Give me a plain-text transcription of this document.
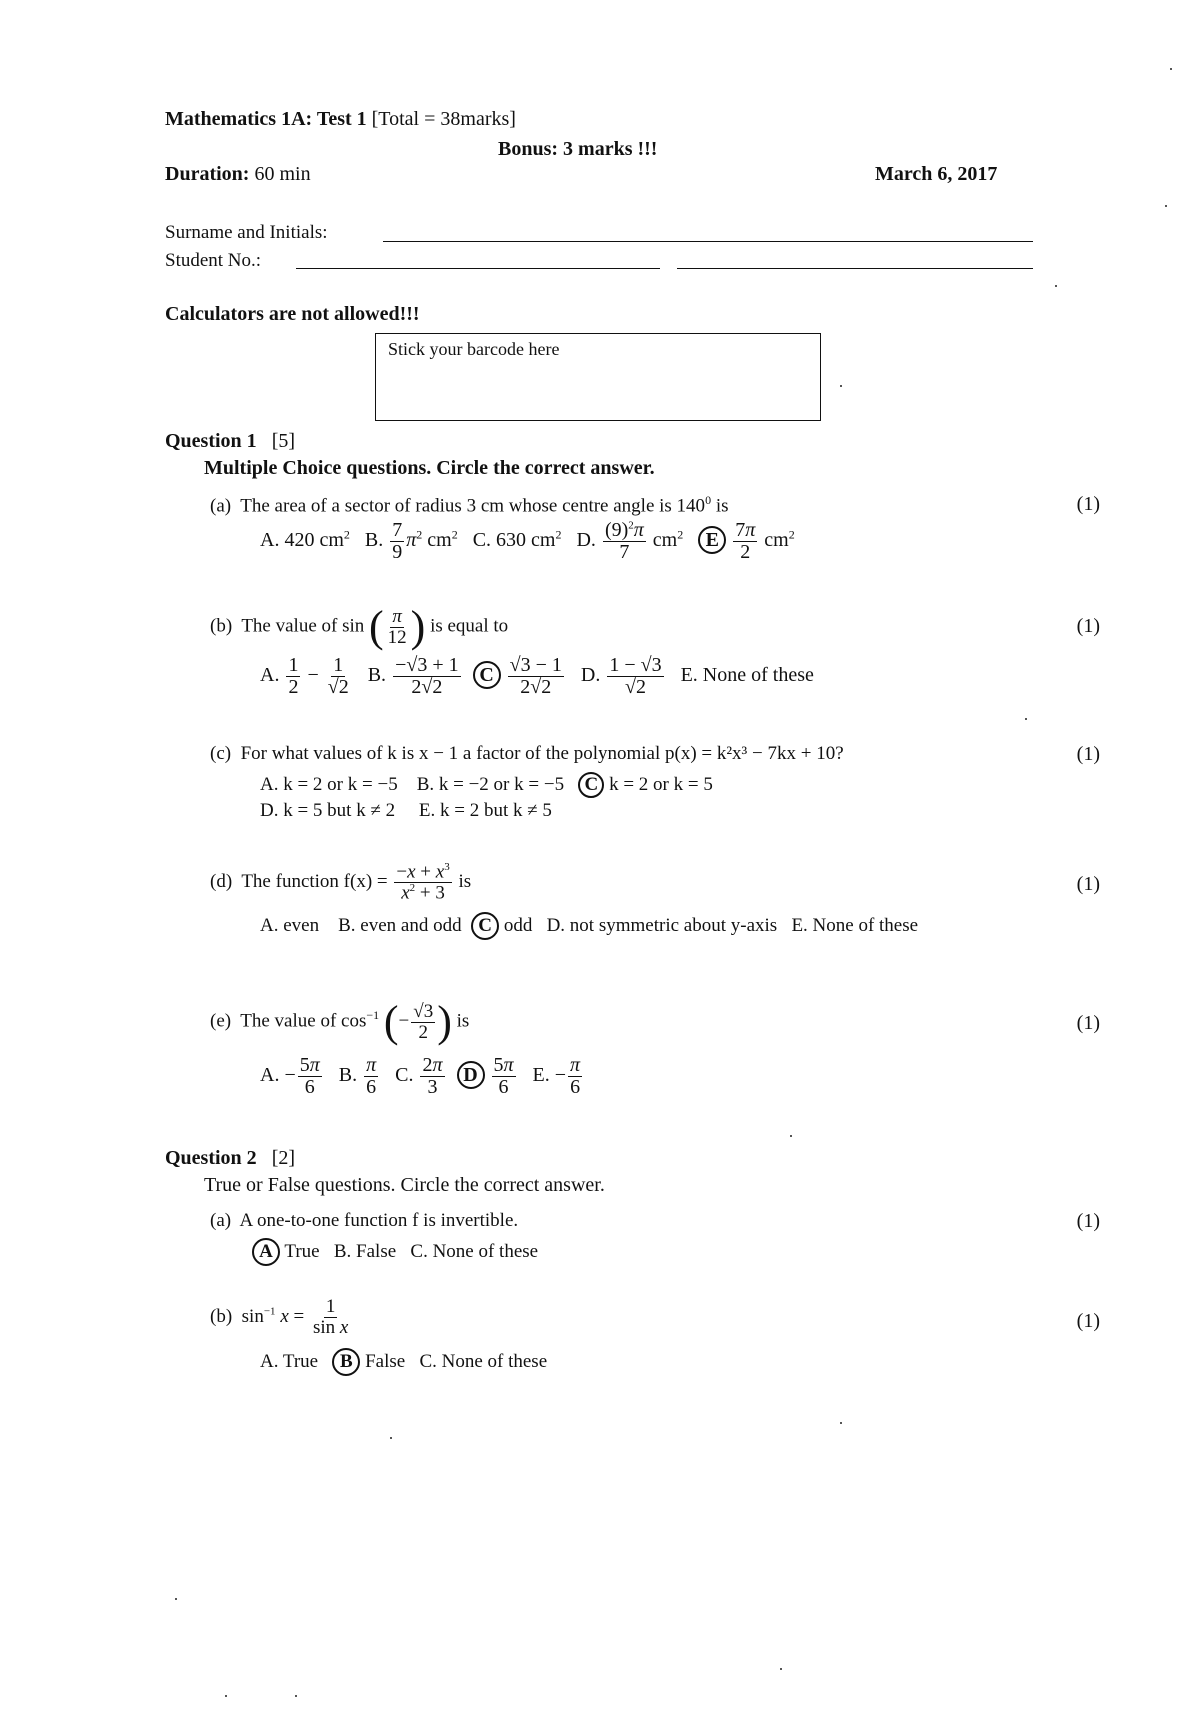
Mathematics 1A: Test 1 [Total = 38marks]
Bonus: 3 marks !!!
Duration: 60 min	March 6, 2017
Surname and Initials:
Student No.:
Calculators are not allowed!!!
Stick your barcode here
Question 1 [5]
Multiple Choice questions. Circle the correct answer.
(a) The area of a sector of radius 3 cm whose centre angle is $140^0$ is	(1)
A. 420 $cm^2$ B. $\frac{7}{9} \pi^2$ $cm^2$ C. 630 $cm^2$ D. $\frac{(9)^2\pi}{7} cm^2$ E $\frac{7\pi}{2} cm^2$
(b) The value of sin ( $\frac{\pi}{12}$ ) is equal to	(1)
A. $\frac{1}{2} - \frac{1}{√2} B$. $\frac{-√3 + 1}{2√2}$ C $\frac{√3 - 1}{2√2} D$. $\frac{1 - √3}{√2} E$. None of these
(c) For what values of k is x − 1 a factor of the polynomial p(x) = k²x³ − 7kx + 10?	(1)
A. k = 2 or k = −5 B. k = −2 or k = −5 C k = 2 or k = 5
D. k = 5 but k ≠ 2 E. k = 2 but k ≠ 5
(d) The function $f(x) = \frac{-x + x^3}{x^2 + 3}$ is	(1)
A. even B. even and odd C odd D. not symmetric about y-axis E. None of these
(e) The value of $\cos^{-1}$ (− $\frac{√3}{2}$ ) is	(1)
A. − $\frac{5\pi}{6} B$. $\frac{\pi}{6} C$. $\frac{2\pi}{3}$ D $\frac{5\pi}{6} E$. − $\frac{\pi}{6}$
Question 2 [2]
True or False questions. Circle the correct answer.
(a) A one-to-one function f is invertible.	(1)
A True B. False C. None of these
(b)  $\sin^{-1} x = \frac{1}{\text{sin x}}$	(1)
A. True B False C. None of these
